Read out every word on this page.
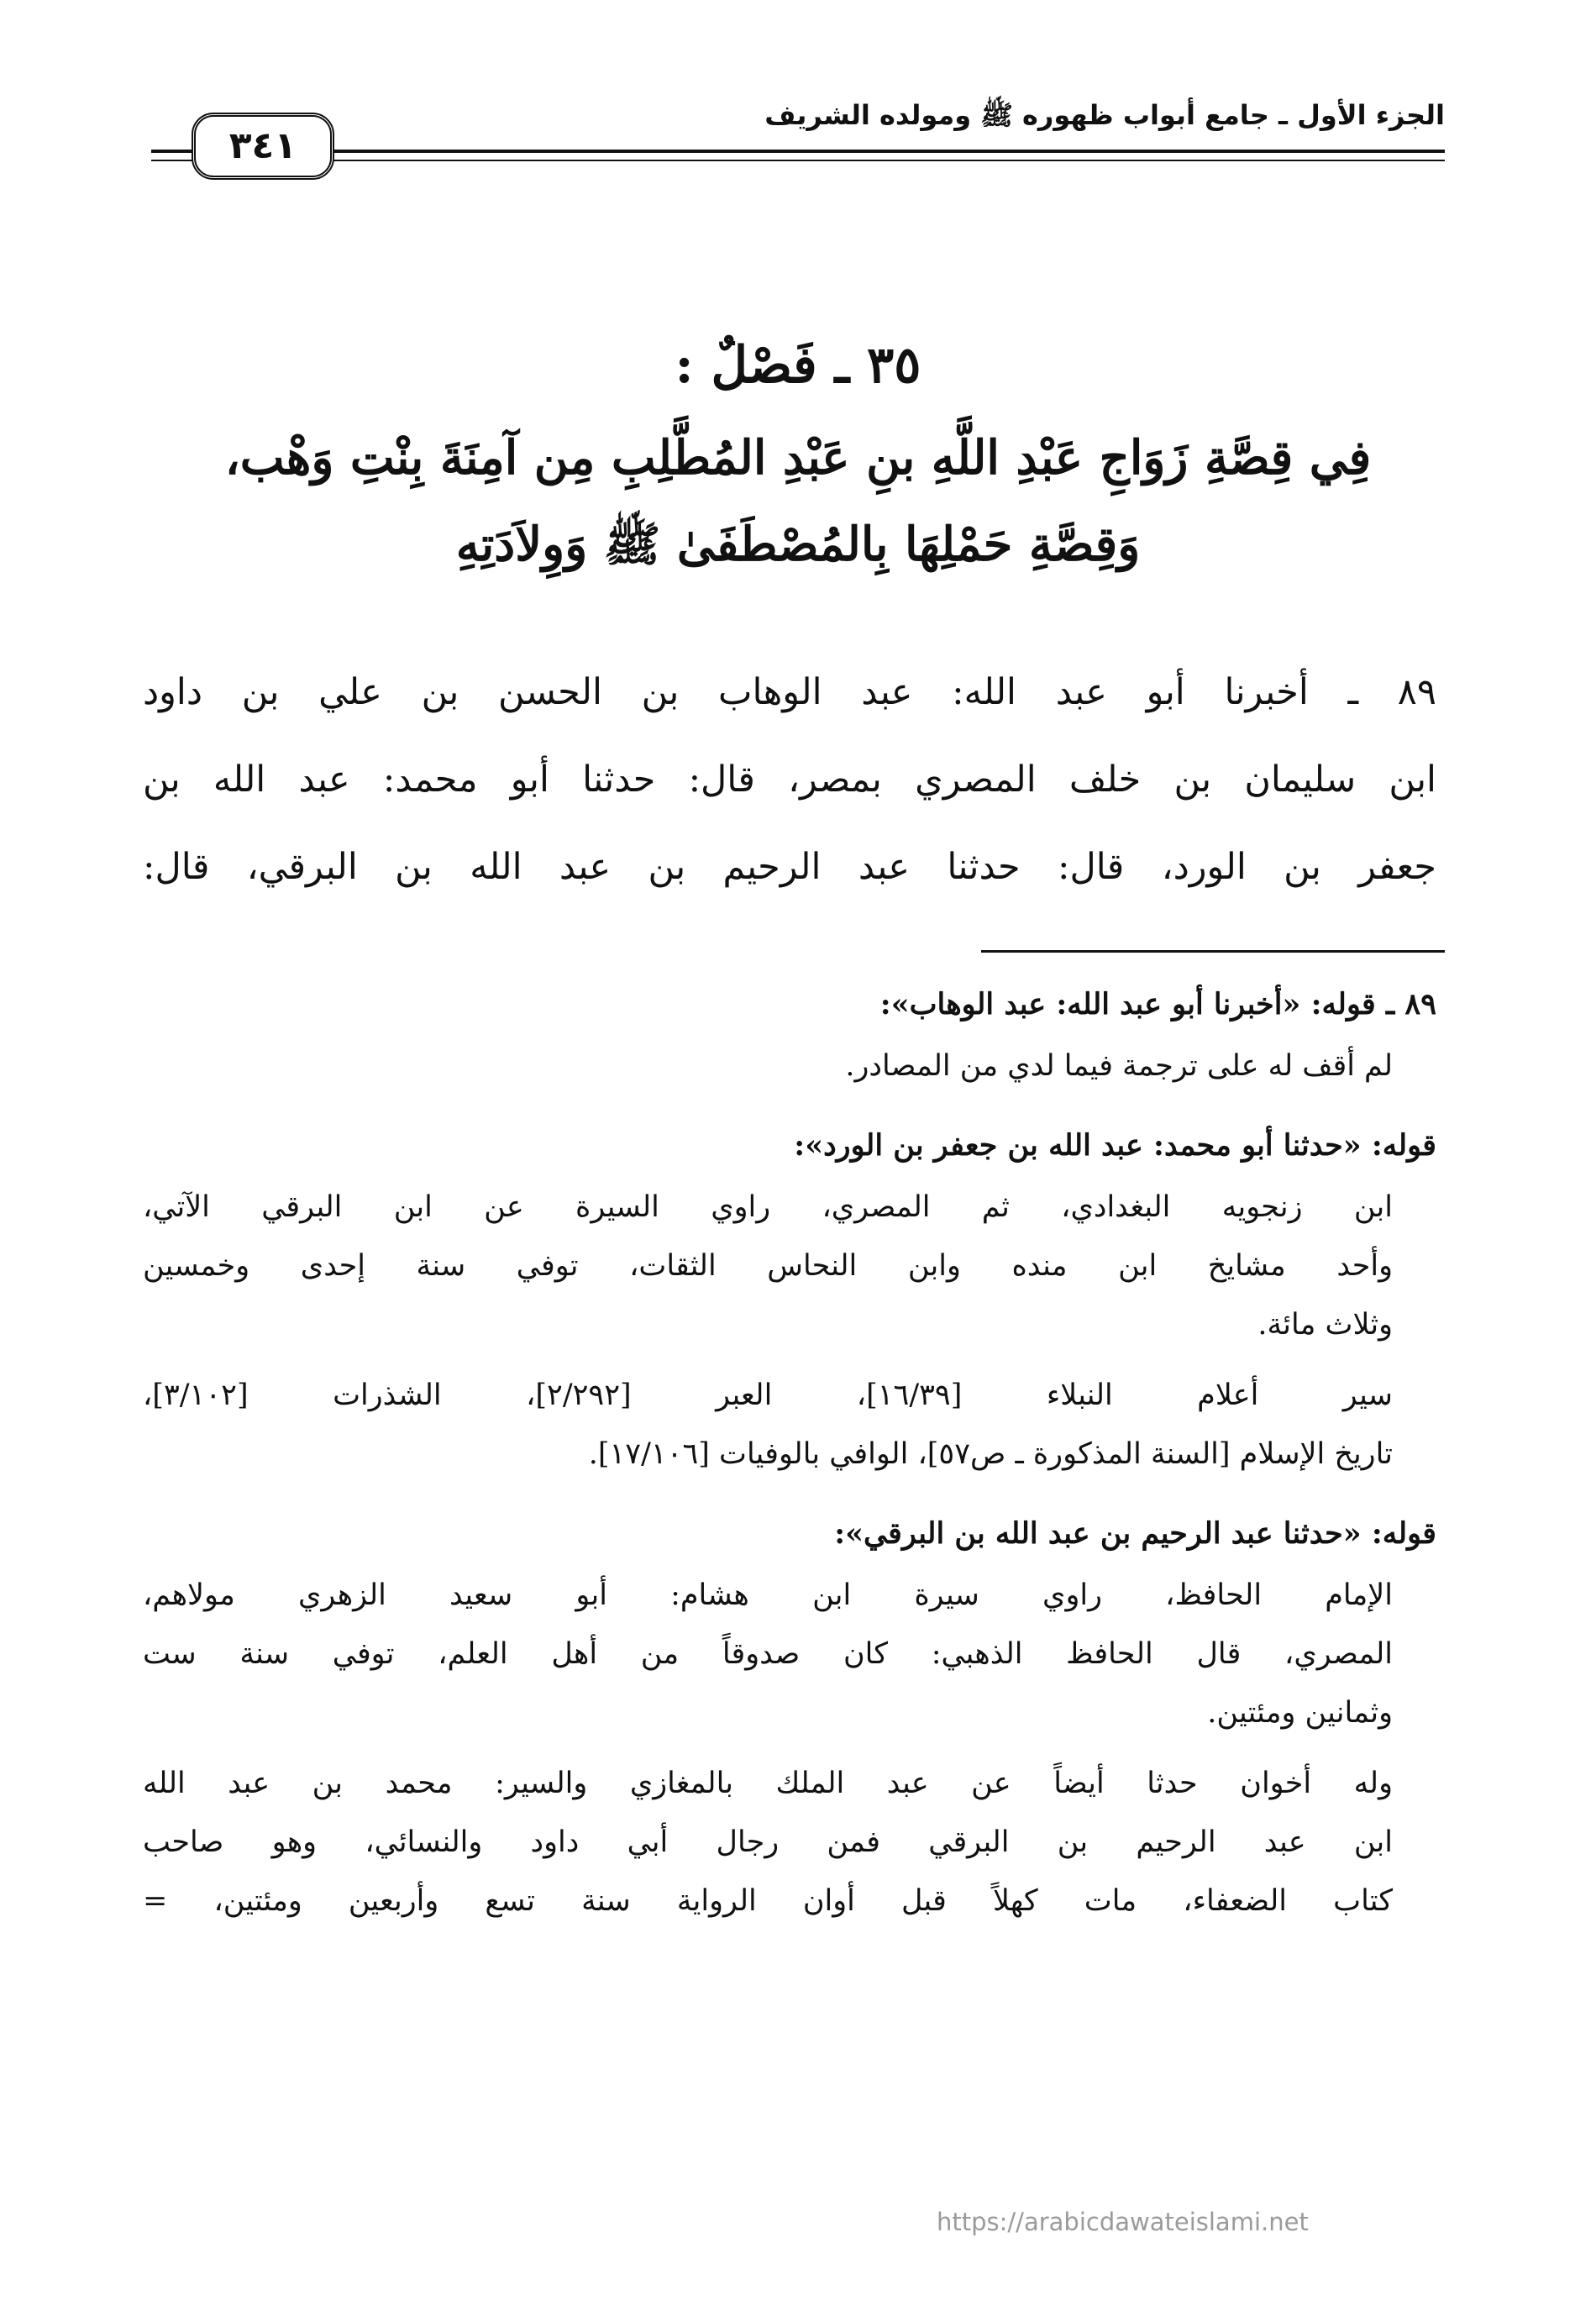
الجزء الأول ـ جامع أبواب ظهوره ﷺ ومولده الشريف
٣٤١
٣٥ ـ فَصْلٌ :
فِي قِصَّةِ زَوَاجِ عَبْدِ اللَّهِ بنِ عَبْدِ المُطَّلِبِ مِن آمِنَةَ بِنْتِ وَهْب،
وَقِصَّةِ حَمْلِهَا بِالمُصْطَفَىٰ ﷺ وَوِلاَدَتِهِ
٨٩ ـ أخبرنا أبو عبد الله: عبد الوهاب بن الحسن بن علي بن داود
ابن سليمان بن خلف المصري بمصر، قال: حدثنا أبو محمد: عبد الله بن
جعفر بن الورد، قال: حدثنا عبد الرحيم بن عبد الله بن البرقي، قال:
٨٩ ـ قوله: «أخبرنا أبو عبد الله: عبد الوهاب»:
لم أقف له على ترجمة فيما لدي من المصادر.
قوله: «حدثنا أبو محمد: عبد الله بن جعفر بن الورد»:
ابن زنجويه البغدادي، ثم المصري، راوي السيرة عن ابن البرقي الآتي،
وأحد مشايخ ابن منده وابن النحاس الثقات، توفي سنة إحدى وخمسين
وثلاث مائة.
سير أعلام النبلاء [١٦/٣٩]، العبر [٢/٢٩٢]، الشذرات [٣/١٠٢]،
تاريخ الإسلام [السنة المذكورة ـ ص٥٧]، الوافي بالوفيات [١٧/١٠٦].
قوله: «حدثنا عبد الرحيم بن عبد الله بن البرقي»:
الإمام الحافظ، راوي سيرة ابن هشام: أبو سعيد الزهري مولاهم،
المصري، قال الحافظ الذهبي: كان صدوقاً من أهل العلم، توفي سنة ست
وثمانين ومئتين.
وله أخوان حدثا أيضاً عن عبد الملك بالمغازي والسير: محمد بن عبد الله
ابن عبد الرحيم بن البرقي فمن رجال أبي داود والنسائي، وهو صاحب
كتاب الضعفاء، مات كهلاً قبل أوان الرواية سنة تسع وأربعين ومئتين، =
https://arabicdawateislami.net
